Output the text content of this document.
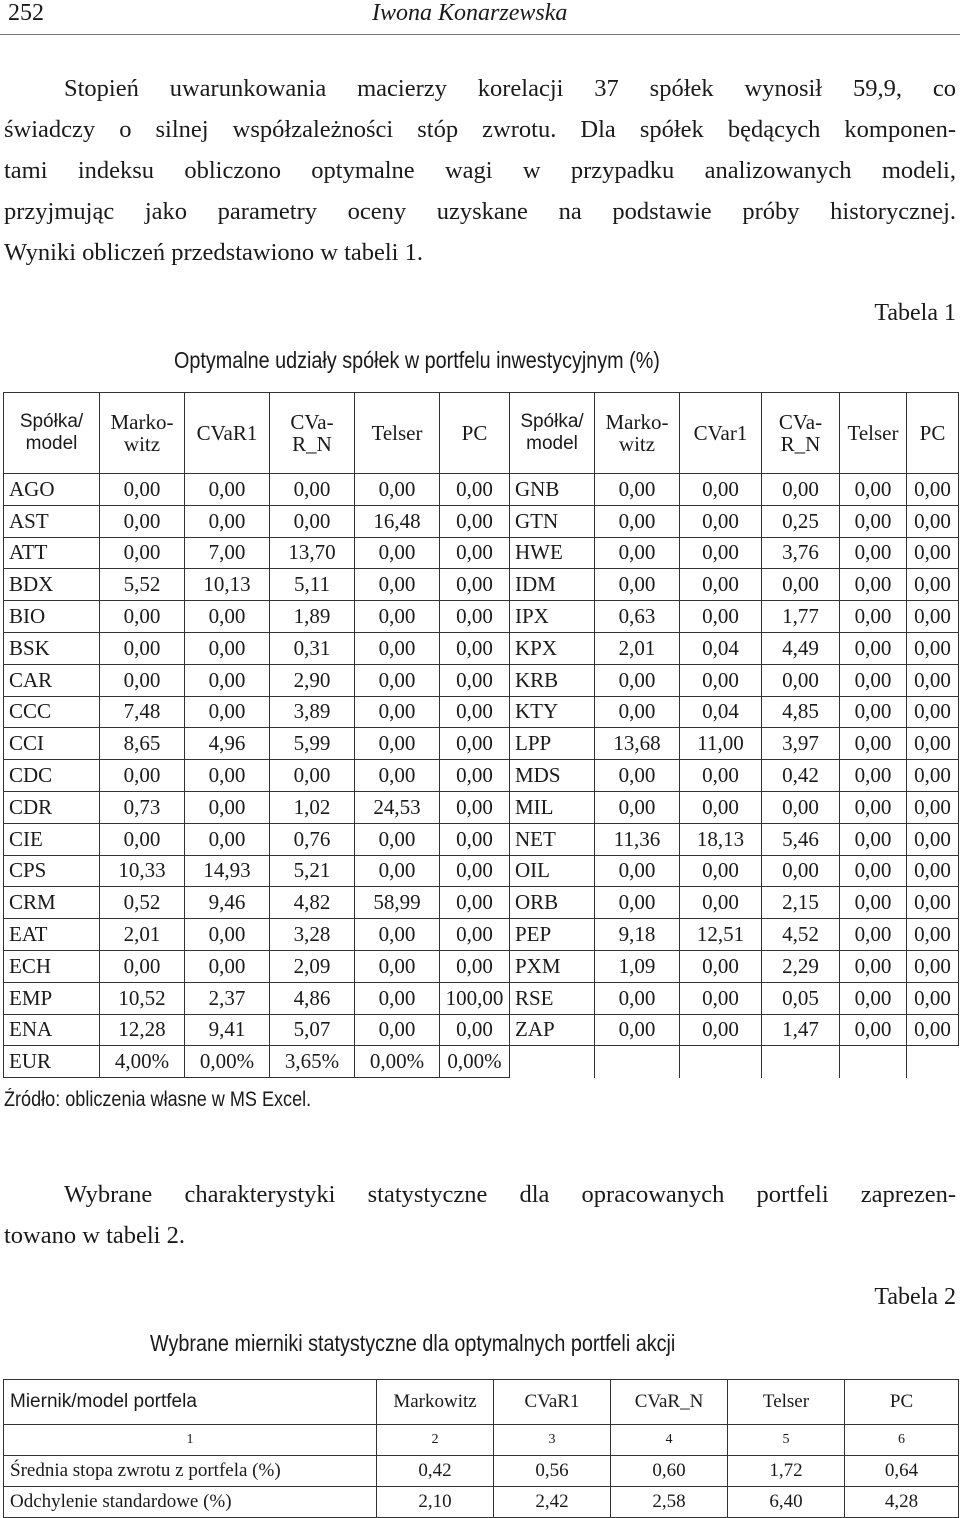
252	Iwona Konarzewska
Stopień uwarunkowania macierzy korelacji 37 spółek wynosił 59,9, co
świadczy o silnej współzależności stóp zwrotu. Dla spółek będących komponen-
tami indeksu obliczono optymalne wagi w przypadku analizowanych modeli,
przyjmując jako parametry oceny uzyskane na podstawie próby historycznej.
Wyniki obliczeń przedstawiono w tabeli 1.
Tabela 1
Optymalne udziały spółek w portfelu inwestycyjnym (%)
Spółka/ model	Marko- witz	CVaR1	CVa- R_N	Telser	PC	Spółka/ model	Marko- witz	CVar1	CVa- R_N	Telser	PC
AGO	0,00	0,00	0,00	0,00	0,00	GNB	0,00	0,00	0,00	0,00	0,00
AST	0,00	0,00	0,00	16,48	0,00	GTN	0,00	0,00	0,25	0,00	0,00
ATT	0,00	7,00	13,70	0,00	0,00	HWE	0,00	0,00	3,76	0,00	0,00
BDX	5,52	10,13	5,11	0,00	0,00	IDM	0,00	0,00	0,00	0,00	0,00
BIO	0,00	0,00	1,89	0,00	0,00	IPX	0,63	0,00	1,77	0,00	0,00
BSK	0,00	0,00	0,31	0,00	0,00	KPX	2,01	0,04	4,49	0,00	0,00
CAR	0,00	0,00	2,90	0,00	0,00	KRB	0,00	0,00	0,00	0,00	0,00
CCC	7,48	0,00	3,89	0,00	0,00	KTY	0,00	0,04	4,85	0,00	0,00
CCI	8,65	4,96	5,99	0,00	0,00	LPP	13,68	11,00	3,97	0,00	0,00
CDC	0,00	0,00	0,00	0,00	0,00	MDS	0,00	0,00	0,42	0,00	0,00
CDR	0,73	0,00	1,02	24,53	0,00	MIL	0,00	0,00	0,00	0,00	0,00
CIE	0,00	0,00	0,76	0,00	0,00	NET	11,36	18,13	5,46	0,00	0,00
CPS	10,33	14,93	5,21	0,00	0,00	OIL	0,00	0,00	0,00	0,00	0,00
CRM	0,52	9,46	4,82	58,99	0,00	ORB	0,00	0,00	2,15	0,00	0,00
EAT	2,01	0,00	3,28	0,00	0,00	PEP	9,18	12,51	4,52	0,00	0,00
ECH	0,00	0,00	2,09	0,00	0,00	PXM	1,09	0,00	2,29	0,00	0,00
EMP	10,52	2,37	4,86	0,00	100,00	RSE	0,00	0,00	0,05	0,00	0,00
ENA	12,28	9,41	5,07	0,00	0,00	ZAP	0,00	0,00	1,47	0,00	0,00
EUR	4,00%	0,00%	3,65%	0,00%	0,00%						
Źródło: obliczenia własne w MS Excel.
Wybrane charakterystyki statystyczne dla opracowanych portfeli zaprezen-
towano w tabeli 2.
Tabela 2
Wybrane mierniki statystyczne dla optymalnych portfeli akcji
Miernik/model portfela	Markowitz	CVaR1	CVaR_N	Telser	PC
1	2	3	4	5	6
Średnia stopa zwrotu z portfela (%)	0,42	0,56	0,60	1,72	0,64
Odchylenie standardowe (%)	2,10	2,42	2,58	6,40	4,28
